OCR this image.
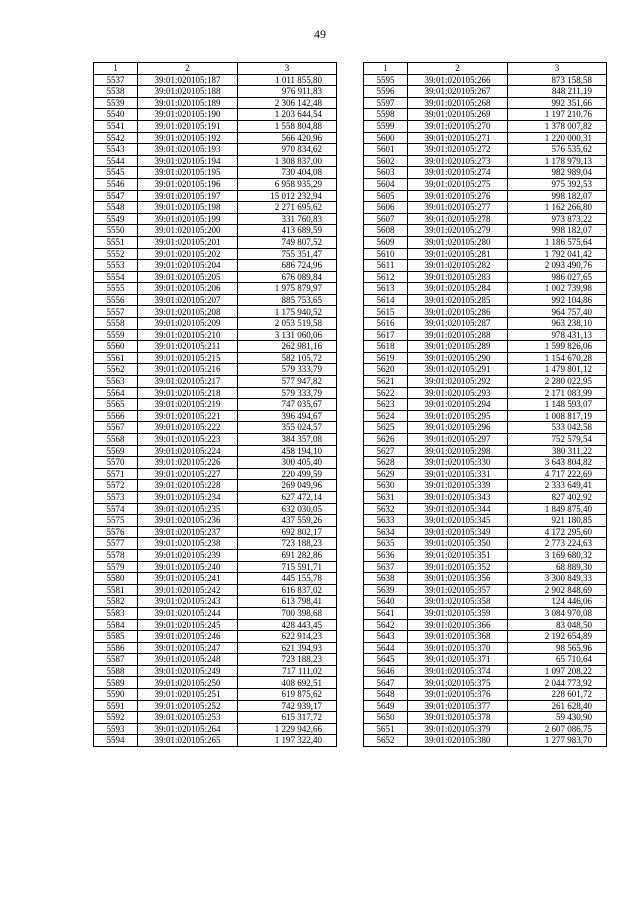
49
1	2	3
5537	39:01:020105:187	1 011 855,80
5538	39:01:020105:188	976 911,83
5539	39:01:020105:189	2 306 142,48
5540	39:01:020105:190	1 203 644,54
5541	39:01:020105:191	1 558 804,88
5542	39:01:020105:192	566 420,96
5543	39:01:020105:193	970 834,62
5544	39:01:020105:194	1 308 837,00
5545	39:01:020105:195	730 404,08
5546	39:01:020105:196	6 958 935,29
5547	39:01:020105:197	15 012 232,94
5548	39:01:020105:198	2 271 695,62
5549	39:01:020105:199	331 760,83
5550	39:01:020105:200	413 689,59
5551	39:01:020105:201	749 807,52
5552	39:01:020105:202	755 351,47
5553	39:01:020105:204	686 724,96
5554	39:01:020105:205	676 089,84
5555	39:01:020105:206	1 975 879,97
5556	39:01:020105:207	885 753,65
5557	39:01:020105:208	1 175 940,52
5558	39:01:020105:209	2 053 519,58
5559	39:01:020105:210	3 131 060,06
5560	39:01:020105:211	262 981,16
5561	39:01:020105:215	582 105,72
5562	39:01:020105:216	579 333,79
5563	39:01:020105:217	577 947,82
5564	39:01:020105:218	579 333,79
5565	39:01:020105:219	747 035,67
5566	39:01:020105:221	396 494,67
5567	39:01:020105:222	355 024,57
5568	39:01:020105:223	384 357,08
5569	39:01:020105:224	458 194,10
5570	39:01:020105:226	300 405,40
5571	39:01:020105:227	220 499,59
5572	39:01:020105:228	269 049,96
5573	39:01:020105:234	627 472,14
5574	39:01:020105:235	632 030,05
5575	39:01:020105:236	437 559,26
5576	39:01:020105:237	692 802,17
5577	39:01:020105:238	723 188,23
5578	39:01:020105:239	691 282,86
5579	39:01:020105:240	715 591,71
5580	39:01:020105:241	445 155,78
5581	39:01:020105:242	616 837,02
5582	39:01:020105:243	613 798,41
5583	39:01:020105:244	700 398,68
5584	39:01:020105:245	428 443,45
5585	39:01:020105:246	622 914,23
5586	39:01:020105:247	621 394,93
5587	39:01:020105:248	723 188,23
5588	39:01:020105:249	717 111,02
5589	39:01:020105:250	408 692,51
5590	39:01:020105:251	619 875,62
5591	39:01:020105:252	742 939,17
5592	39:01:020105:253	615 317,72
5593	39:01:020105:264	1 229 942,66
5594	39:01:020105:265	1 197 322,40
1	2	3
5595	39:01:020105:266	873 158,58
5596	39:01:020105:267	848 211,19
5597	39:01:020105:268	992 351,66
5598	39:01:020105:269	1 197 210,76
5599	39:01:020105:270	1 378 007,82
5600	39:01:020105:271	1 220 000,31
5601	39:01:020105:272	576 535,62
5602	39:01:020105:273	1 178 979,13
5603	39:01:020105:274	982 989,04
5604	39:01:020105:275	975 392,53
5605	39:01:020105:276	998 182,07
5606	39:01:020105:277	1 162 266,80
5607	39:01:020105:278	973 873,22
5608	39:01:020105:279	998 182,07
5609	39:01:020105:280	1 186 575,64
5610	39:01:020105:281	1 792 041,42
5611	39:01:020105:282	2 093 490,76
5612	39:01:020105:283	986 027,65
5613	39:01:020105:284	1 002 739,98
5614	39:01:020105:285	992 104,86
5615	39:01:020105:286	964 757,40
5616	39:01:020105:287	963 238,10
5617	39:01:020105:288	978 431,13
5618	39:01:020105:289	1 599 826,06
5619	39:01:020105:290	1 154 670,28
5620	39:01:020105:291	1 479 801,12
5621	39:01:020105:292	2 280 022,95
5622	39:01:020105:293	2 171 083,99
5623	39:01:020105:294	1 148 593,07
5624	39:01:020105:295	1 008 817,19
5625	39:01:020105:296	533 042,58
5626	39:01:020105:297	752 579,54
5627	39:01:020105:298	380 311,22
5628	39:01:020105:330	3 643 804,82
5629	39:01:020105:331	4 717 222,69
5630	39:01:020105:339	2 333 649,41
5631	39:01:020105:343	827 402,92
5632	39:01:020105:344	1 849 875,40
5633	39:01:020105:345	921 180,85
5634	39:01:020105:349	4 172 295,60
5635	39:01:020105:350	2 773 224,63
5636	39:01:020105:351	3 169 680,32
5637	39:01:020105:352	68 889,30
5638	39:01:020105:356	3 300 849,33
5639	39:01:020105:357	2 902 848,69
5640	39:01:020105:358	124 446,06
5641	39:01:020105:359	3 084 970,08
5642	39:01:020105:366	83 048,50
5643	39:01:020105:368	2 192 654,89
5644	39:01:020105:370	98 565,96
5645	39:01:020105:371	65 710,64
5646	39:01:020105:374	1 097 208,22
5647	39:01:020105:375	2 044 773,92
5648	39:01:020105:376	228 601,72
5649	39:01:020105:377	261 628,40
5650	39:01:020105:378	59 430,90
5651	39:01:020105:379	2 607 086,75
5652	39:01:020105:380	1 277 983,70
